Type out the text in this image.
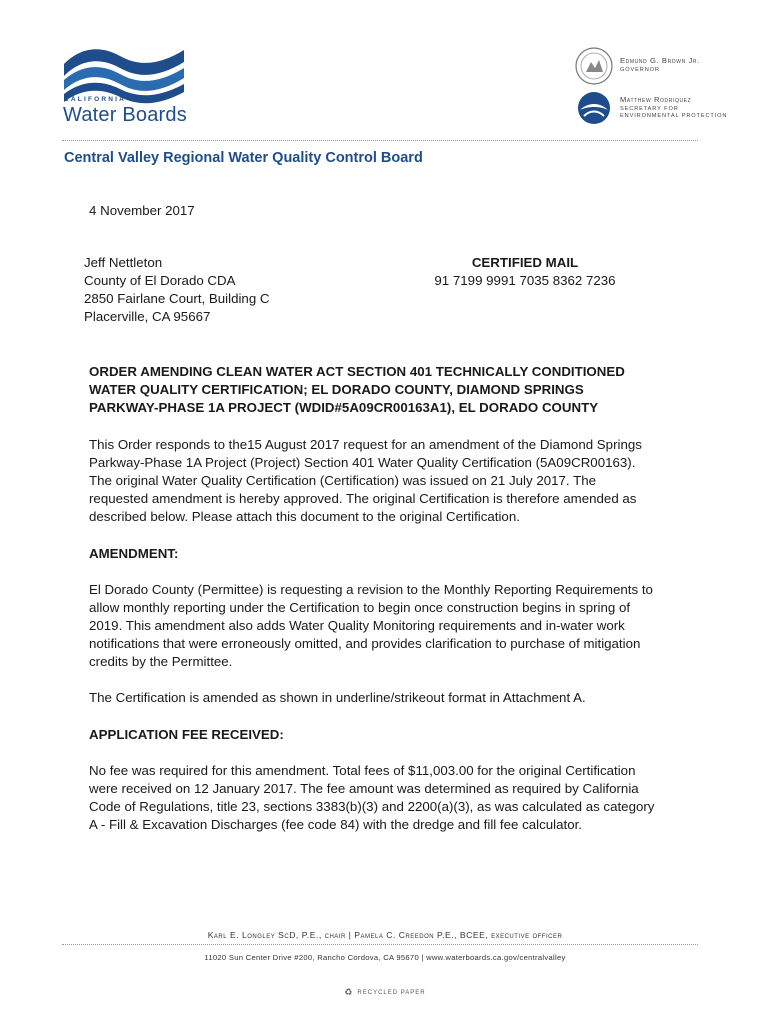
CALIFORNIA
Water Boards
Edmund G. Brown Jr.
GOVERNOR
Matthew Rodriquez
SECRETARY FOR ENVIRONMENTAL PROTECTION
Central Valley Regional Water Quality Control Board
4 November 2017
Jeff Nettleton
County of El Dorado CDA
2850 Fairlane Court, Building C
Placerville, CA 95667
CERTIFIED MAIL
91 7199 9991 7035 8362 7236
ORDER AMENDING CLEAN WATER ACT SECTION 401 TECHNICALLY CONDITIONED
WATER QUALITY CERTIFICATION; EL DORADO COUNTY, DIAMOND SPRINGS
PARKWAY-PHASE 1A PROJECT (WDID#5A09CR00163A1), EL DORADO COUNTY
This Order responds to the15 August 2017 request for an amendment of the Diamond Springs
Parkway-Phase 1A Project (Project) Section 401 Water Quality Certification (5A09CR00163).
The original Water Quality Certification (Certification) was issued on 21 July 2017. The
requested amendment is hereby approved. The original Certification is therefore amended as
described below. Please attach this document to the original Certification.
AMENDMENT:
El Dorado County (Permittee) is requesting a revision to the Monthly Reporting Requirements to
allow monthly reporting under the Certification to begin once construction begins in spring of
2019. This amendment also adds Water Quality Monitoring requirements and in-water work
notifications that were erroneously omitted, and provides clarification to purchase of mitigation
credits by the Permittee.
The Certification is amended as shown in underline/strikeout format in Attachment A.
APPLICATION FEE RECEIVED:
No fee was required for this amendment. Total fees of $11,003.00 for the original Certification
were received on 12 January 2017. The fee amount was determined as required by California
Code of Regulations, title 23, sections 3383(b)(3) and 2200(a)(3), as was calculated as category
A - Fill & Excavation Discharges (fee code 84) with the dredge and fill fee calculator.
Karl E. Longley ScD, P.E., chair | Pamela C. Creedon P.E., BCEE, executive officer
11020 Sun Center Drive #200, Rancho Cordova, CA 95670 | www.waterboards.ca.gov/centralvalley
♻ RECYCLED PAPER
